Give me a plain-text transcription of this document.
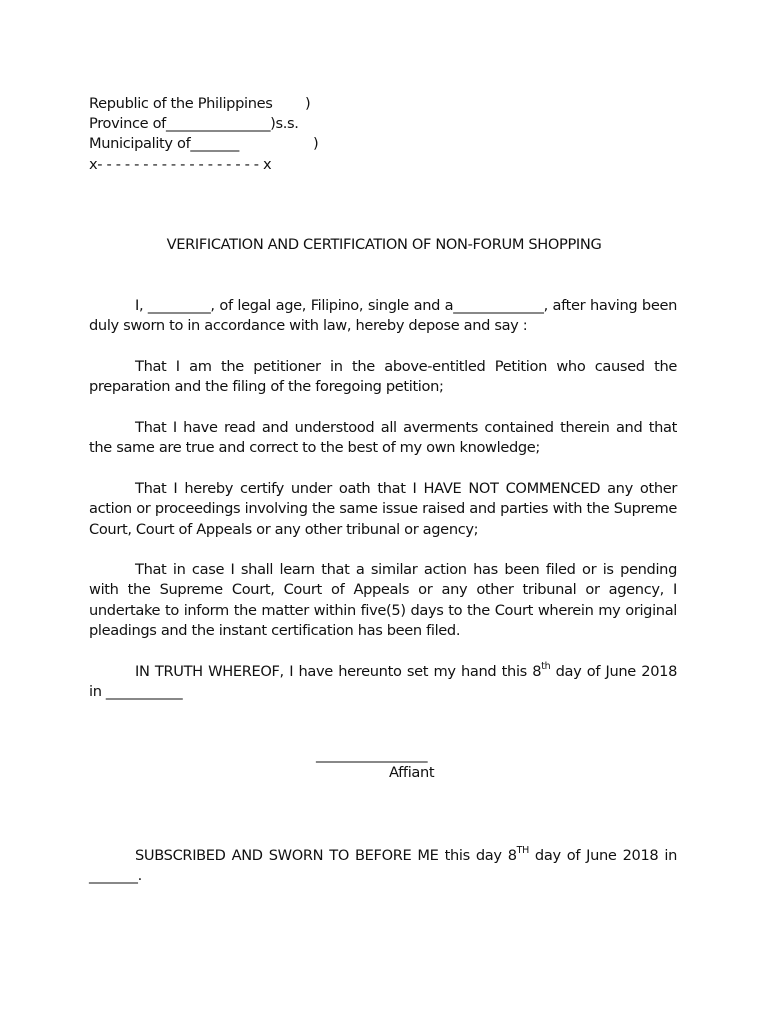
Republic of the Philippines )
Province of_______________)s.s.
Municipality of_______	)
x- - - - - - - - - - - - - - - - - - x
VERIFICATION AND CERTIFICATION OF NON-FORUM SHOPPING

I, _________, of legal age, Filipino, single and a_____________, after having been duly sworn to in accordance with law, hereby depose and say :

That I am the petitioner in the above-entitled Petition who caused the preparation and the filing of the foregoing petition;

That I have read and understood all averments contained therein and that the same are true and correct to the best of my own knowledge;

That I hereby certify under oath that I HAVE NOT COMMENCED any other action or proceedings involving the same issue raised and parties with the Supreme Court, Court of Appeals or any other tribunal or agency;

That in case I shall learn that a similar action has been filed or is pending with the Supreme Court, Court of Appeals or any other tribunal or agency, I undertake to inform the matter within five(5) days to the Court wherein my original pleadings and the instant certification has been filed.

IN TRUTH WHEREOF, I have hereunto set my hand this 8th day of June 2018 in ___________

________________
Affiant

SUBSCRIBED AND SWORN TO BEFORE ME this day 8TH day of June 2018 in _______.
